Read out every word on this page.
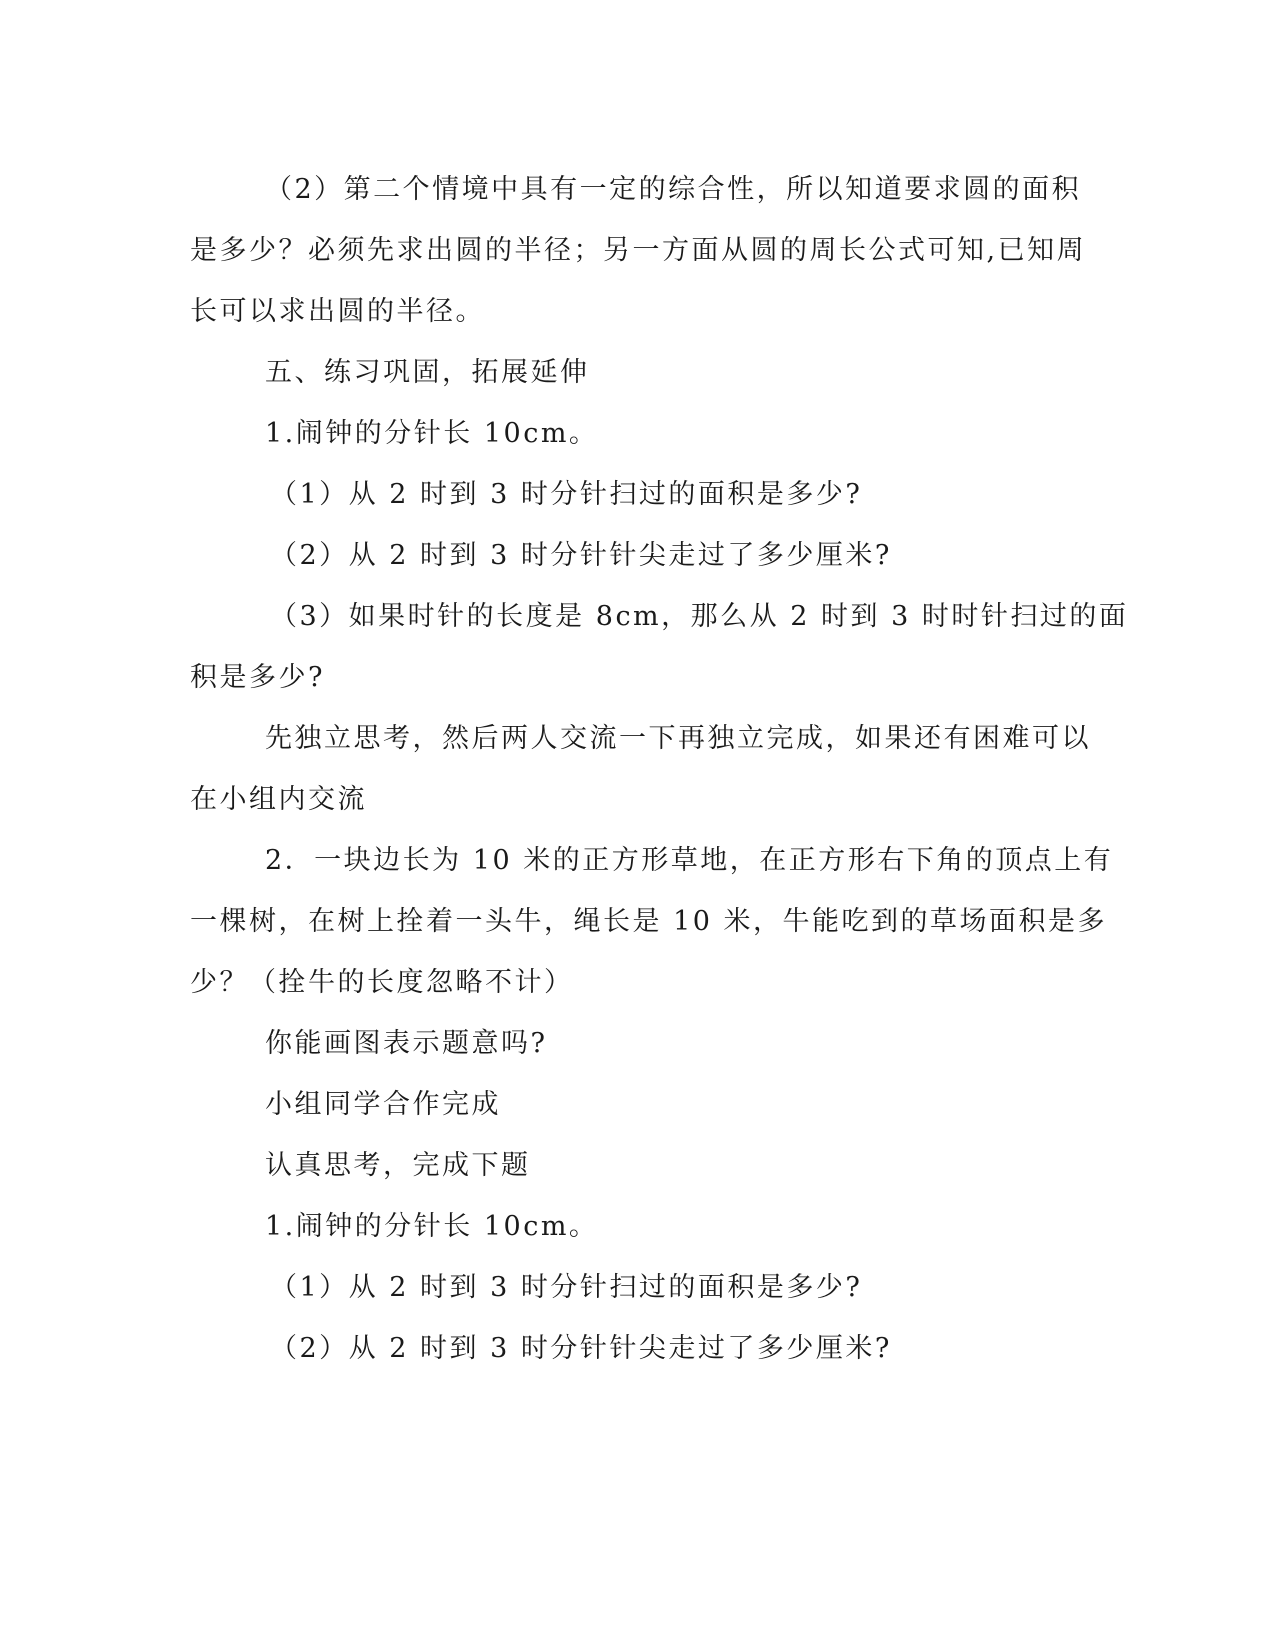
（2）第二个情境中具有一定的综合性，所以知道要求圆的面积
是多少？必须先求出圆的半径；另一方面从圆的周长公式可知,已知周
长可以求出圆的半径。
五、练习巩固，拓展延伸
1.闹钟的分针长 10cm。
（1）从 2 时到 3 时分针扫过的面积是多少?
（2）从 2 时到 3 时分针针尖走过了多少厘米?
（3）如果时针的长度是 8cm，那么从 2 时到 3 时时针扫过的面
积是多少?
先独立思考，然后两人交流一下再独立完成，如果还有困难可以
在小组内交流
2．一块边长为 10 米的正方形草地，在正方形右下角的顶点上有
一棵树，在树上拴着一头牛，绳长是 10 米，牛能吃到的草场面积是多
少？（拴牛的长度忽略不计）
你能画图表示题意吗?
小组同学合作完成
认真思考，完成下题
1.闹钟的分针长 10cm。
（1）从 2 时到 3 时分针扫过的面积是多少?
（2）从 2 时到 3 时分针针尖走过了多少厘米?
